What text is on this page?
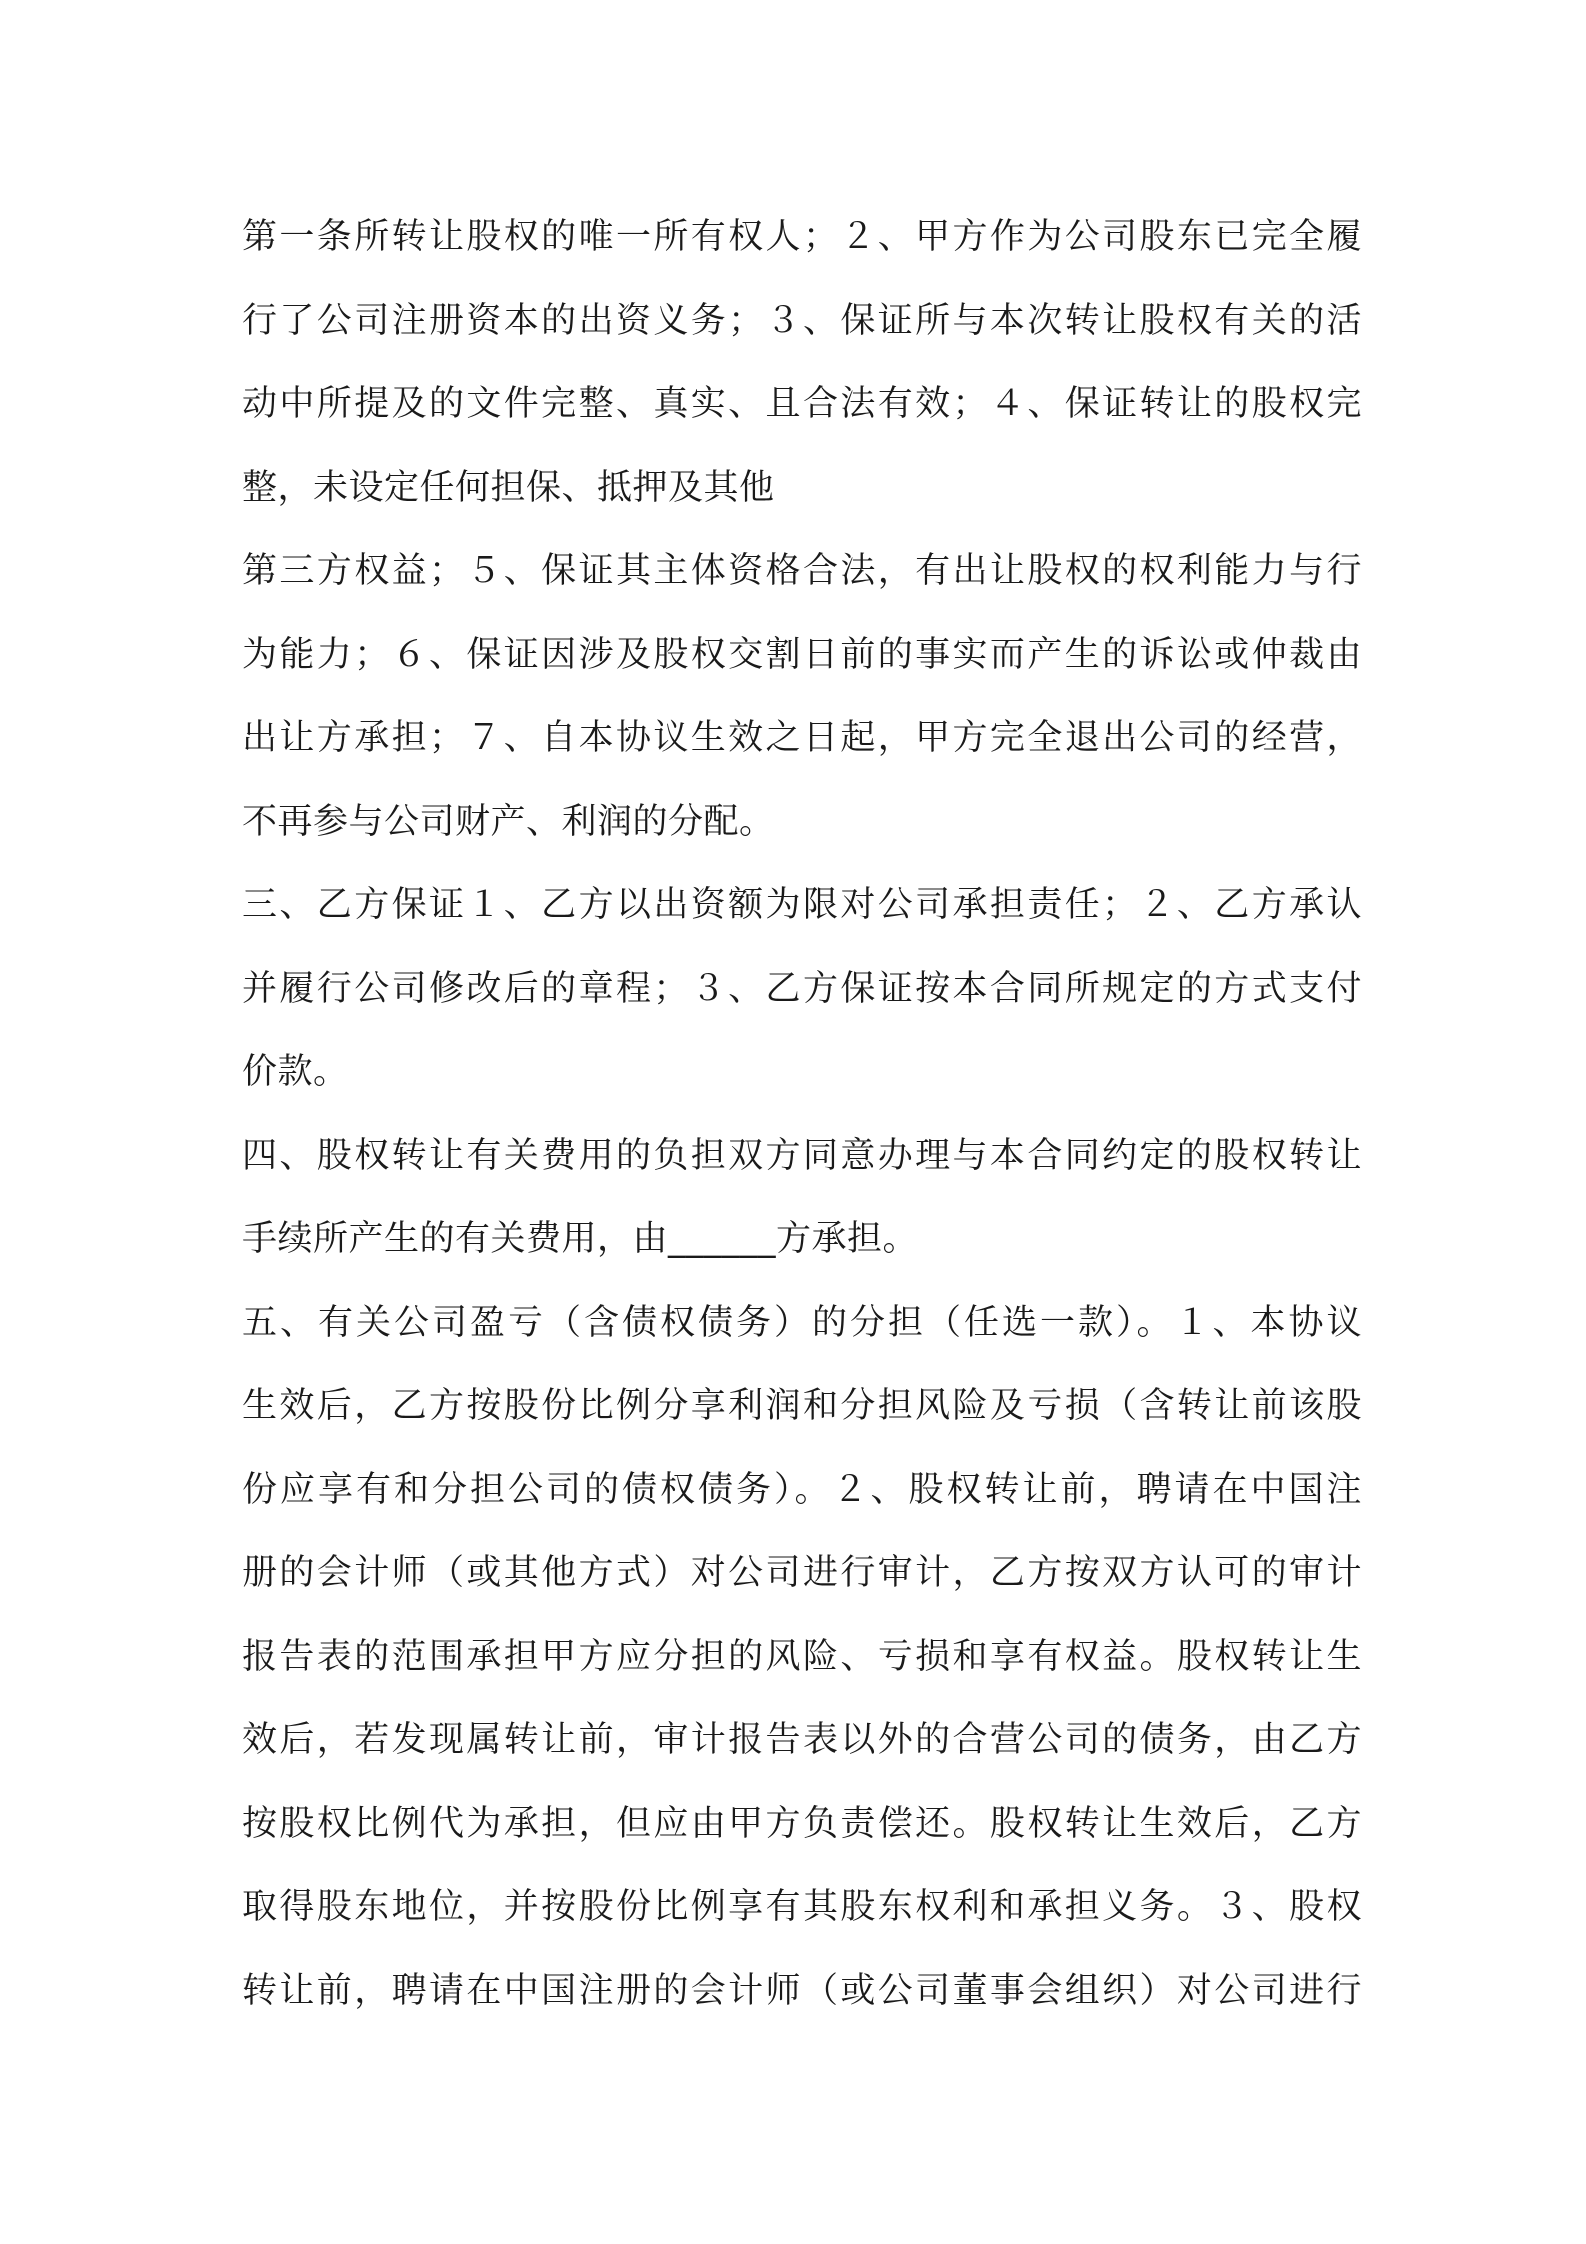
第一条所转让股权的唯一所有权人；２、甲方作为公司股东已完全履
行了公司注册资本的出资义务；３、保证所与本次转让股权有关的活
动中所提及的文件完整、真实、且合法有效；４、保证转让的股权完
整，未设定任何担保、抵押及其他

第三方权益；５、保证其主体资格合法，有出让股权的权利能力与行
为能力；６、保证因涉及股权交割日前的事实而产生的诉讼或仲裁由
出让方承担；７、自本协议生效之日起，甲方完全退出公司的经营，
不再参与公司财产、利润的分配。

三、乙方保证１、乙方以出资额为限对公司承担责任；２、乙方承认
并履行公司修改后的章程；３、乙方保证按本合同所规定的方式支付
价款。

四、股权转让有关费用的负担双方同意办理与本合同约定的股权转让
手续所产生的有关费用，由______方承担。

五、有关公司盈亏（含债权债务）的分担（任选一款）。１、本协议
生效后，乙方按股份比例分享利润和分担风险及亏损（含转让前该股
份应享有和分担公司的债权债务）。２、股权转让前，聘请在中国注
册的会计师（或其他方式）对公司进行审计，乙方按双方认可的审计
报告表的范围承担甲方应分担的风险、亏损和享有权益。股权转让生
效后，若发现属转让前，审计报告表以外的合营公司的债务，由乙方
按股权比例代为承担，但应由甲方负责偿还。股权转让生效后，乙方
取得股东地位，并按股份比例享有其股东权利和承担义务。３、股权
转让前，聘请在中国注册的会计师（或公司董事会组织）对公司进行
